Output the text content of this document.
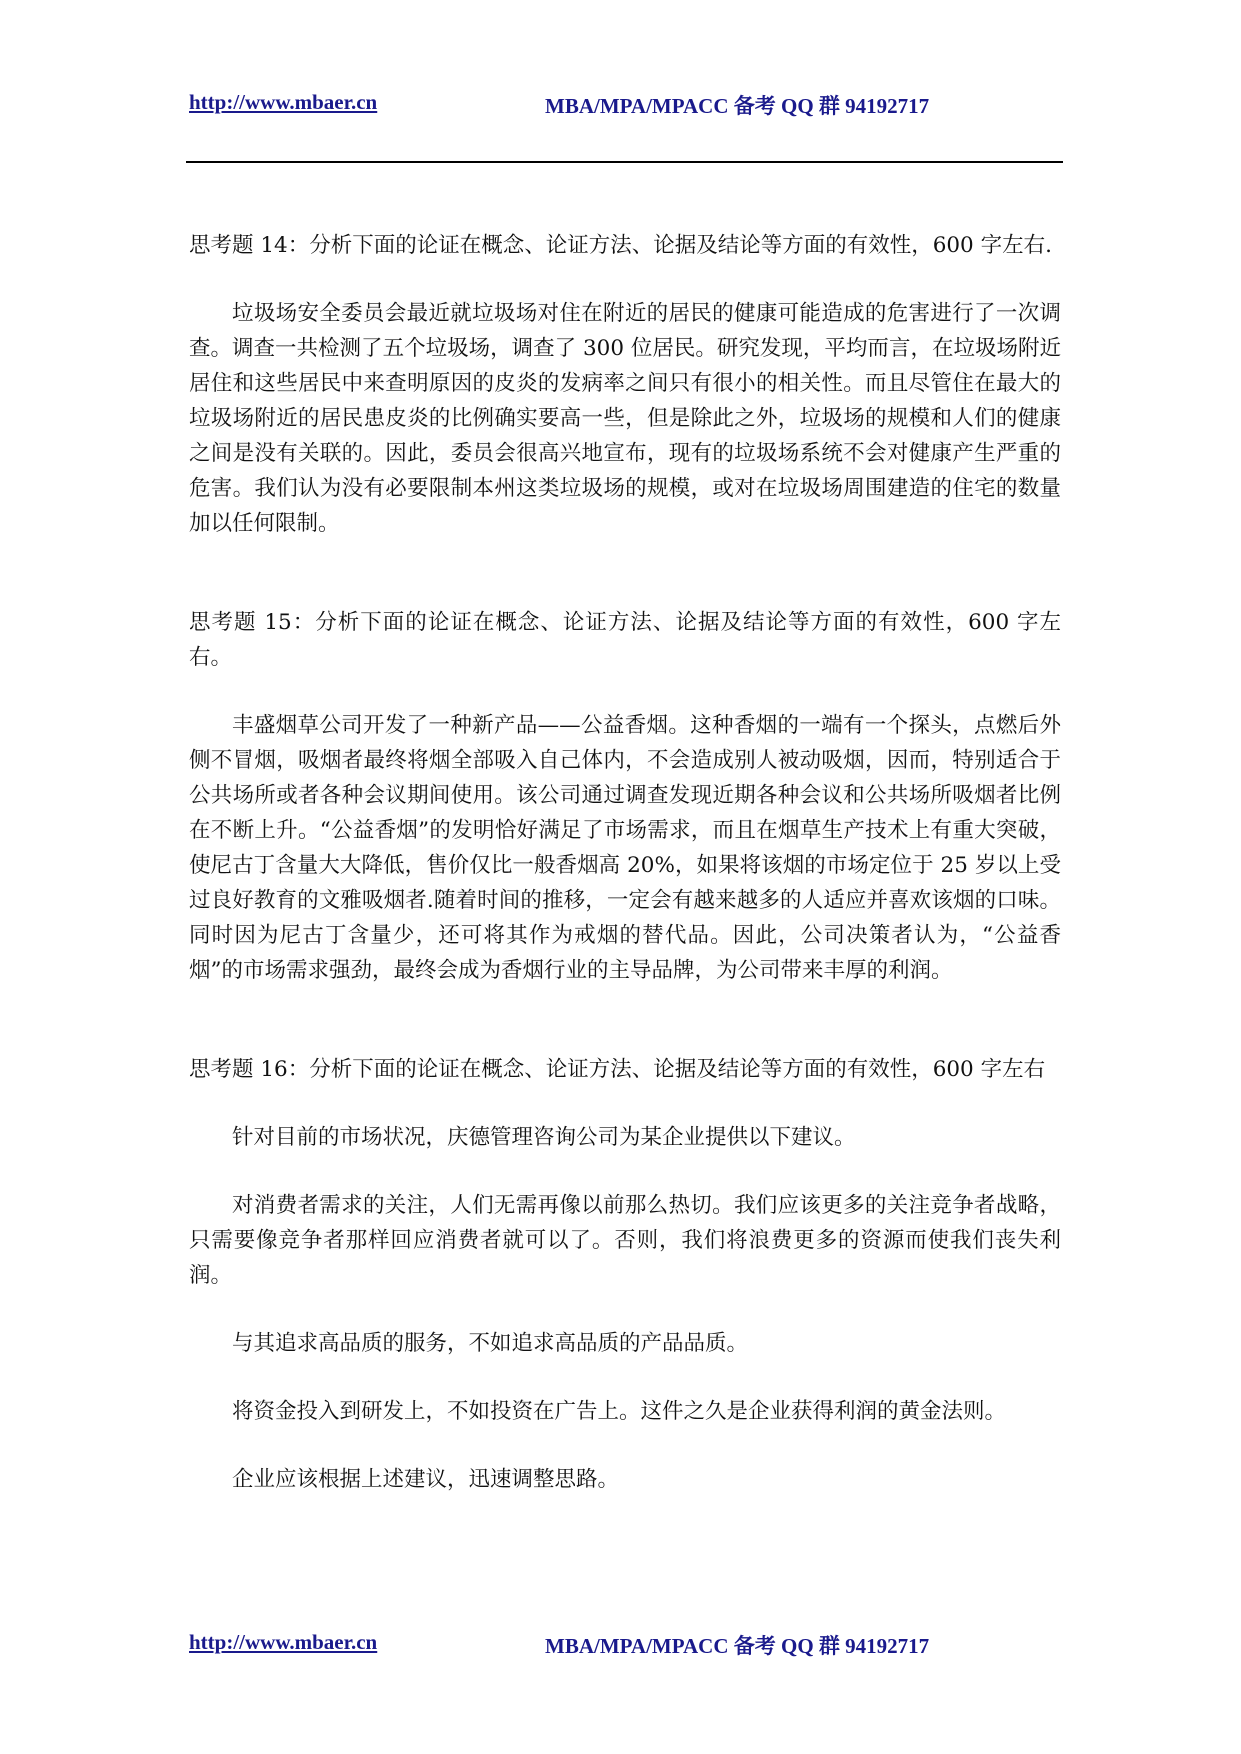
http://www.mbaer.cn	MBA/MPA/MPACC 备考 QQ 群 94192717

思考题 14：分析下面的论证在概念、论证方法、论据及结论等方面的有效性，600 字左右.

垃圾场安全委员会最近就垃圾场对住在附近的居民的健康可能造成的危害进行了一次调查。调查一共检测了五个垃圾场，调查了 300 位居民。研究发现，平均而言，在垃圾场附近居住和这些居民中来查明原因的皮炎的发病率之间只有很小的相关性。而且尽管住在最大的垃圾场附近的居民患皮炎的比例确实要高一些，但是除此之外，垃圾场的规模和人们的健康之间是没有关联的。因此，委员会很高兴地宣布，现有的垃圾场系统不会对健康产生严重的危害。我们认为没有必要限制本州这类垃圾场的规模，或对在垃圾场周围建造的住宅的数量加以任何限制。

思考题 15：分析下面的论证在概念、论证方法、论据及结论等方面的有效性，600 字左右。

丰盛烟草公司开发了一种新产品——公益香烟。这种香烟的一端有一个探头，点燃后外侧不冒烟，吸烟者最终将烟全部吸入自己体内，不会造成别人被动吸烟，因而，特别适合于公共场所或者各种会议期间使用。该公司通过调查发现近期各种会议和公共场所吸烟者比例在不断上升。“公益香烟”的发明恰好满足了市场需求，而且在烟草生产技术上有重大突破，使尼古丁含量大大降低，售价仅比一般香烟高 20%，如果将该烟的市场定位于 25 岁以上受过良好教育的文雅吸烟者.随着时间的推移，一定会有越来越多的人适应并喜欢该烟的口味。同时因为尼古丁含量少，还可将其作为戒烟的替代品。因此，公司决策者认为，“公益香烟”的市场需求强劲，最终会成为香烟行业的主导品牌，为公司带来丰厚的利润。

思考题 16：分析下面的论证在概念、论证方法、论据及结论等方面的有效性，600 字左右

针对目前的市场状况，庆德管理咨询公司为某企业提供以下建议。

对消费者需求的关注，人们无需再像以前那么热切。我们应该更多的关注竞争者战略，只需要像竞争者那样回应消费者就可以了。否则，我们将浪费更多的资源而使我们丧失利润。

与其追求高品质的服务，不如追求高品质的产品品质。

将资金投入到研发上，不如投资在广告上。这件之久是企业获得利润的黄金法则。

企业应该根据上述建议，迅速调整思路。

http://www.mbaer.cn	MBA/MPA/MPACC 备考 QQ 群 94192717
